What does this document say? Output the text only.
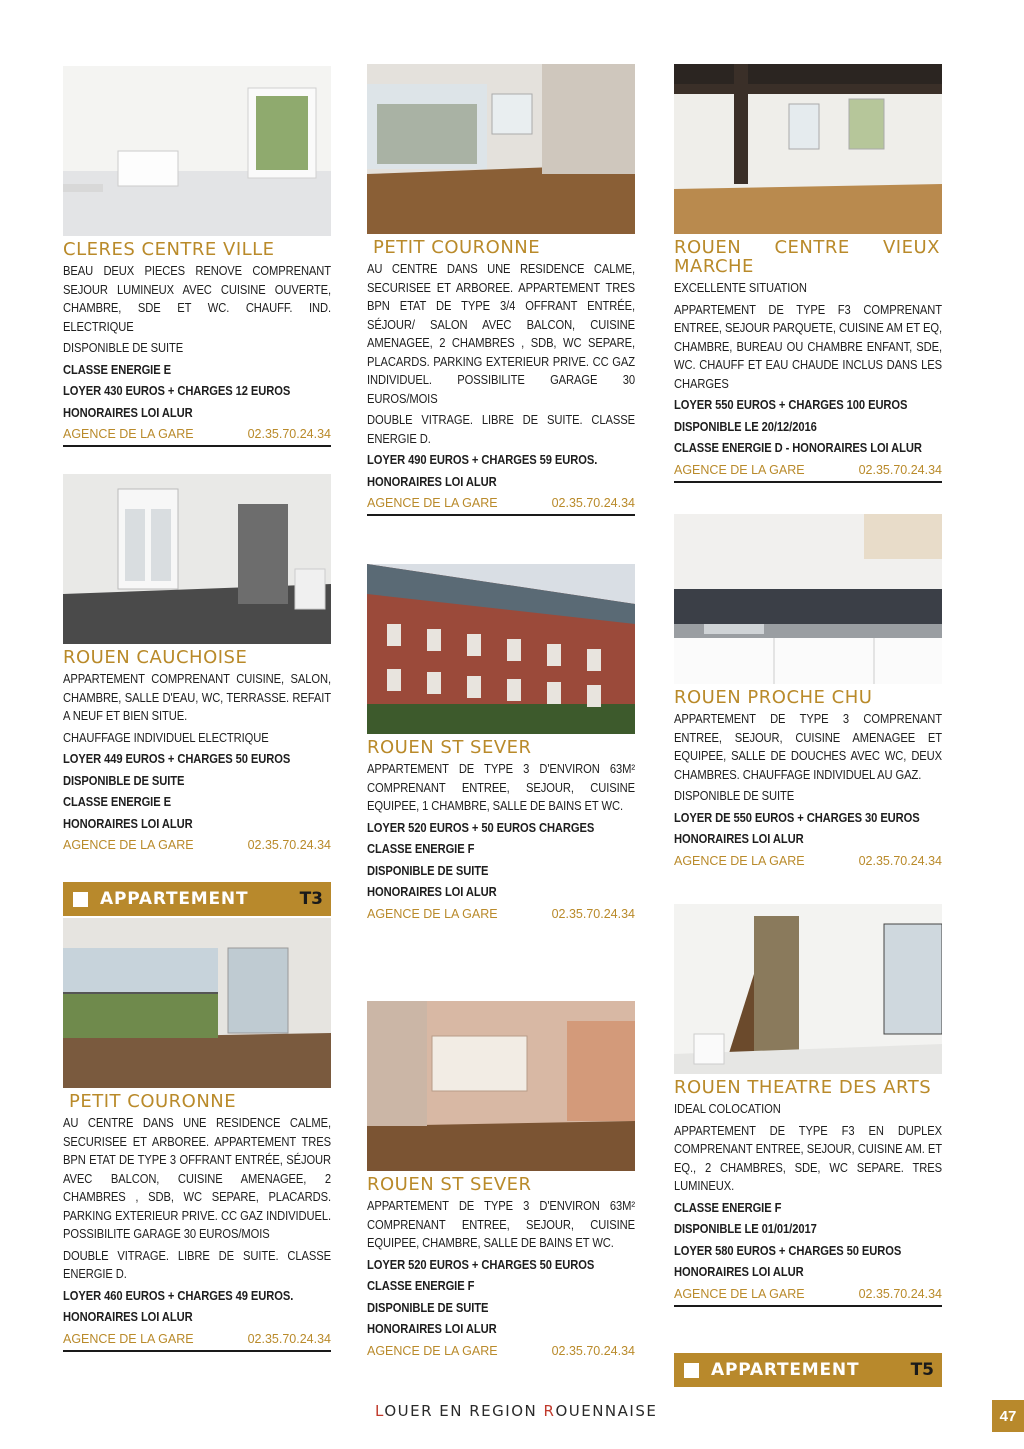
CLERES CENTRE VILLE
BEAU DEUX PIECES RENOVE COMPRENANT SEJOUR LUMINEUX AVEC CUISINE OUVERTE, CHAMBRE, SDE ET WC. CHAUFF. IND. ELECTRIQUE
DISPONIBLE DE SUITE
CLASSE ENERGIE E
LOYER 430 EUROS + CHARGES 12 EUROS
HONORAIRES LOI ALUR
AGENCE DE LA GARE	02.35.70.24.34
ROUEN CAUCHOISE
APPARTEMENT COMPRENANT CUISINE, SALON, CHAMBRE, SALLE D'EAU, WC, TERRASSE. REFAIT A NEUF ET BIEN SITUE.
CHAUFFAGE INDIVIDUEL ELECTRIQUE
LOYER 449 EUROS + CHARGES 50 EUROS
DISPONIBLE DE SUITE
CLASSE ENERGIE E
HONORAIRES LOI ALUR
AGENCE DE LA GARE	02.35.70.24.34
APPARTEMENT	T3
PETIT COURONNE
AU CENTRE DANS UNE RESIDENCE CALME, SECURISEE ET ARBOREE. APPARTEMENT TRES BPN ETAT DE TYPE 3 OFFRANT ENTRÉE, SÉJOUR AVEC BALCON, CUISINE AMENAGEE, 2 CHAMBRES , SDB, WC SEPARE, PLACARDS. PARKING EXTERIEUR PRIVE. CC GAZ INDIVIDUEL. POSSIBILITE GARAGE 30 EUROS/MOIS
DOUBLE VITRAGE. LIBRE DE SUITE. CLASSE ENERGIE D.
LOYER 460 EUROS + CHARGES 49 EUROS.
HONORAIRES LOI ALUR
AGENCE DE LA GARE	02.35.70.24.34
PETIT COURONNE
AU CENTRE DANS UNE RESIDENCE CALME, SECURISEE ET ARBOREE. APPARTEMENT TRES BPN ETAT DE TYPE 3/4 OFFRANT ENTRÉE, SÉJOUR/ SALON AVEC BALCON, CUISINE AMENAGEE, 2 CHAMBRES , SDB, WC SEPARE, PLACARDS. PARKING EXTERIEUR PRIVE. CC GAZ INDIVIDUEL. POSSIBILITE GARAGE 30 EUROS/MOIS
DOUBLE VITRAGE. LIBRE DE SUITE. CLASSE ENERGIE D.
LOYER 490 EUROS + CHARGES 59 EUROS.
HONORAIRES LOI ALUR
AGENCE DE LA GARE	02.35.70.24.34
ROUEN ST SEVER
APPARTEMENT DE TYPE 3 D'ENVIRON 63M² COMPRENANT ENTREE, SEJOUR, CUISINE EQUIPEE, 1 CHAMBRE, SALLE DE BAINS ET WC.
LOYER 520 EUROS + 50 EUROS CHARGES
CLASSE ENERGIE F
DISPONIBLE DE SUITE
HONORAIRES LOI ALUR
AGENCE DE LA GARE	02.35.70.24.34
ROUEN ST SEVER
APPARTEMENT DE TYPE 3 D'ENVIRON 63M² COMPRENANT ENTREE, SEJOUR, CUISINE EQUIPEE, CHAMBRE, SALLE DE BAINS ET WC.
LOYER 520 EUROS + CHARGES 50 EUROS
CLASSE ENERGIE F
DISPONIBLE DE SUITE
HONORAIRES LOI ALUR
AGENCE DE LA GARE	02.35.70.24.34
ROUEN CENTRE VIEUX MARCHE
EXCELLENTE SITUATION
APPARTEMENT DE TYPE F3 COMPRENANT ENTREE, SEJOUR PARQUETE, CUISINE AM ET EQ, CHAMBRE, BUREAU OU CHAMBRE ENFANT, SDE, WC. CHAUFF ET EAU CHAUDE INCLUS DANS LES CHARGES
LOYER 550 EUROS + CHARGES 100 EUROS
DISPONIBLE LE 20/12/2016
CLASSE ENERGIE D - HONORAIRES LOI ALUR
AGENCE DE LA GARE	02.35.70.24.34
ROUEN PROCHE CHU
APPARTEMENT DE TYPE 3 COMPRENANT ENTREE, SEJOUR, CUISINE AMENAGEE ET EQUIPEE, SALLE DE DOUCHES AVEC WC, DEUX CHAMBRES. CHAUFFAGE INDIVIDUEL AU GAZ.
DISPONIBLE DE SUITE
LOYER DE 550 EUROS + CHARGES 30 EUROS
HONORAIRES LOI ALUR
AGENCE DE LA GARE	02.35.70.24.34
ROUEN THEATRE DES ARTS
IDEAL COLOCATION
APPARTEMENT DE TYPE F3 EN DUPLEX COMPRENANT ENTREE, SEJOUR, CUISINE AM. ET EQ., 2 CHAMBRES, SDE, WC SEPARE. TRES LUMINEUX.
CLASSE ENERGIE F
DISPONIBLE LE 01/01/2017
LOYER 580 EUROS + CHARGES 50 EUROS
HONORAIRES LOI ALUR
AGENCE DE LA GARE	02.35.70.24.34
APPARTEMENT	T5
LOUER EN REGION ROUENNAISE	47
